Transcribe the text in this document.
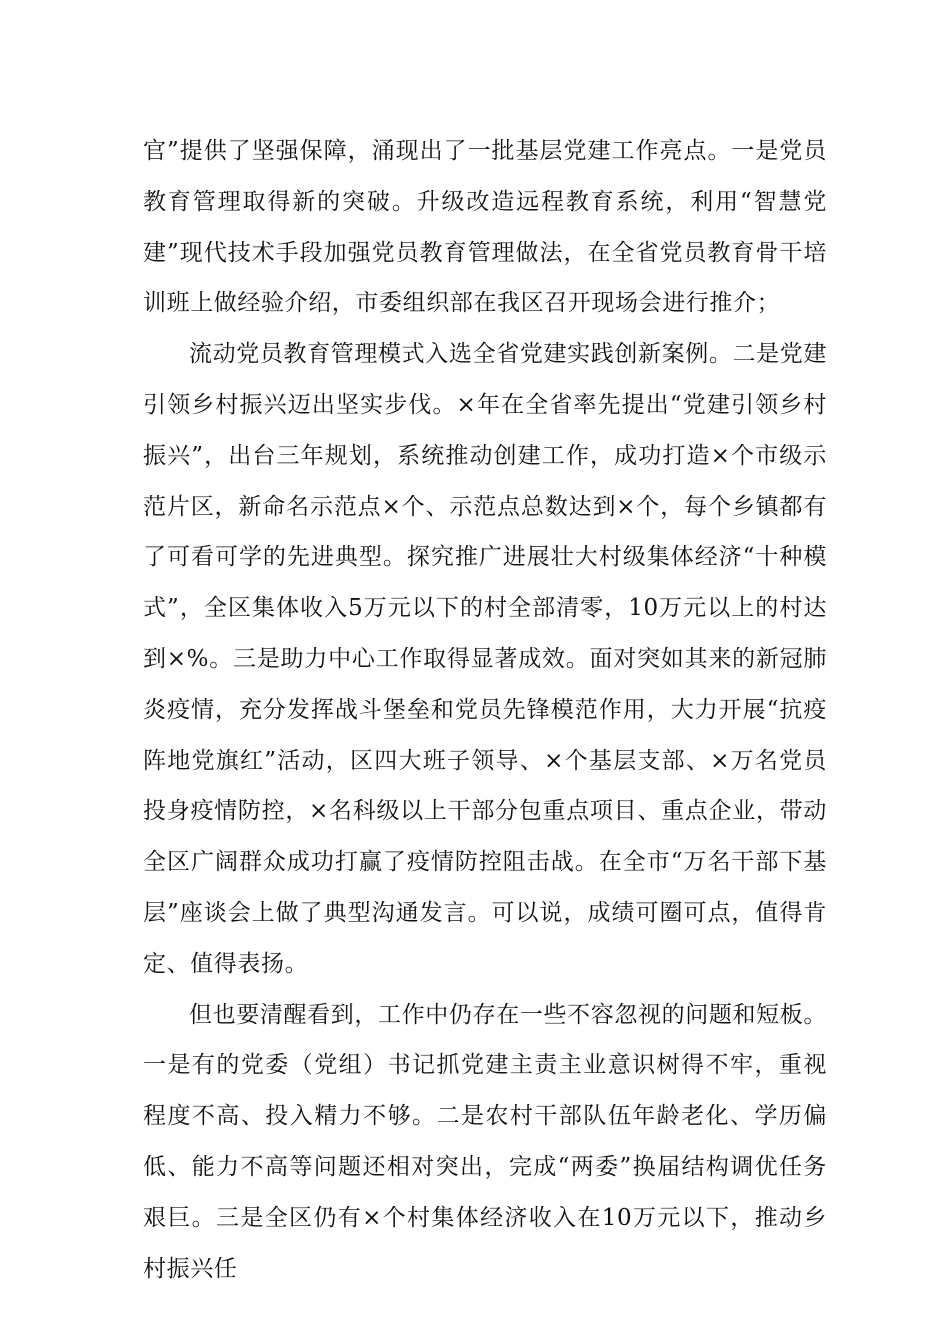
官”提供了坚强保障，涌现出了一批基层党建工作亮点。一是党员教育管理取得新的突破。升级改造远程教育系统，利用“智慧党建”现代技术手段加强党员教育管理做法，在全省党员教育骨干培训班上做经验介绍，市委组织部在我区召开现场会进行推介；

流动党员教育管理模式入选全省党建实践创新案例。二是党建引领乡村振兴迈出坚实步伐。×年在全省率先提出“党建引领乡村振兴”，出台三年规划，系统推动创建工作，成功打造×个市级示范片区，新命名示范点×个、示范点总数达到×个，每个乡镇都有了可看可学的先进典型。探究推广进展壮大村级集体经济“十种模式”，全区集体收入5万元以下的村全部清零，10万元以上的村达到×%。三是助力中心工作取得显著成效。面对突如其来的新冠肺炎疫情，充分发挥战斗堡垒和党员先锋模范作用，大力开展“抗疫阵地党旗红”活动，区四大班子领导、×个基层支部、×万名党员投身疫情防控，×名科级以上干部分包重点项目、重点企业，带动全区广阔群众成功打赢了疫情防控阻击战。在全市“万名干部下基层”座谈会上做了典型沟通发言。可以说，成绩可圈可点，值得肯定、值得表扬。

但也要清醒看到，工作中仍存在一些不容忽视的问题和短板。一是有的党委（党组）书记抓党建主责主业意识树得不牢，重视程度不高、投入精力不够。二是农村干部队伍年龄老化、学历偏低、能力不高等问题还相对突出，完成“两委”换届结构调优任务艰巨。三是全区仍有×个村集体经济收入在10万元以下，推动乡村振兴任
